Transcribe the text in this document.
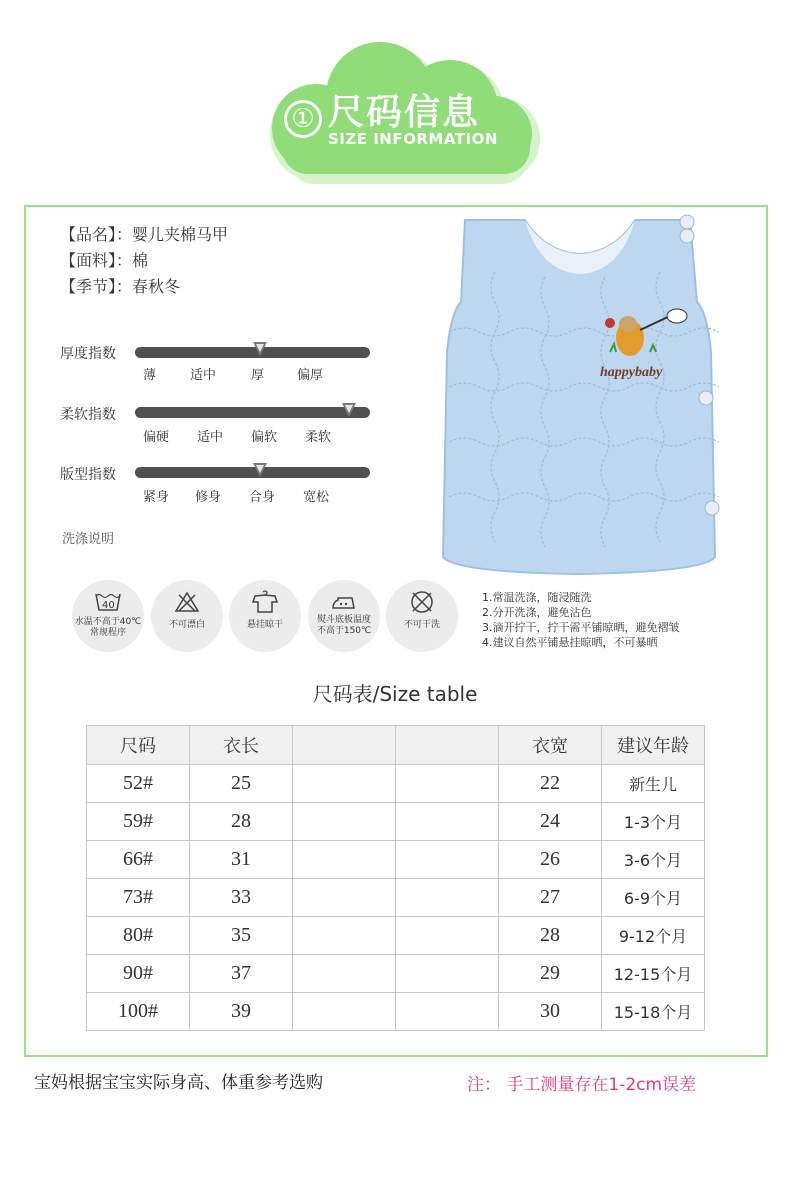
① 尺码信息
SIZE INFORMATION
【品名】：婴儿夹棉马甲
【面料】：棉
【季节】：春秋冬
厚度指数
薄	适中	厚	偏厚
柔软指数
偏硬 适中 偏软 柔软
版型指数
紧身 修身 合身 宽松
happybaby
洗涤说明
40
水温不高于40℃
常规程序
不可漂白	悬挂晾干	熨斗底板温度
不高于150℃
不可干洗
1.常温洗涤，随浸随洗
2.分开洗涤，避免沾色
3.滴开拧干，拧干需平铺晾晒，避免褶皱
4.建议自然平铺悬挂晾晒，不可暴晒
尺码表/Size table
尺码	衣长			衣宽	建议年龄
52#	25			22	新生儿
59#	28			24	1-3个月
66#	31			26	3-6个月
73#	33			27	6-9个月
80#	35			28	9-12个月
90#	37			29	12-15个月
100#	39			30	15-18个月
宝妈根据宝宝实际身高、体重参考选购	注： 手工测量存在1-2cm误差
